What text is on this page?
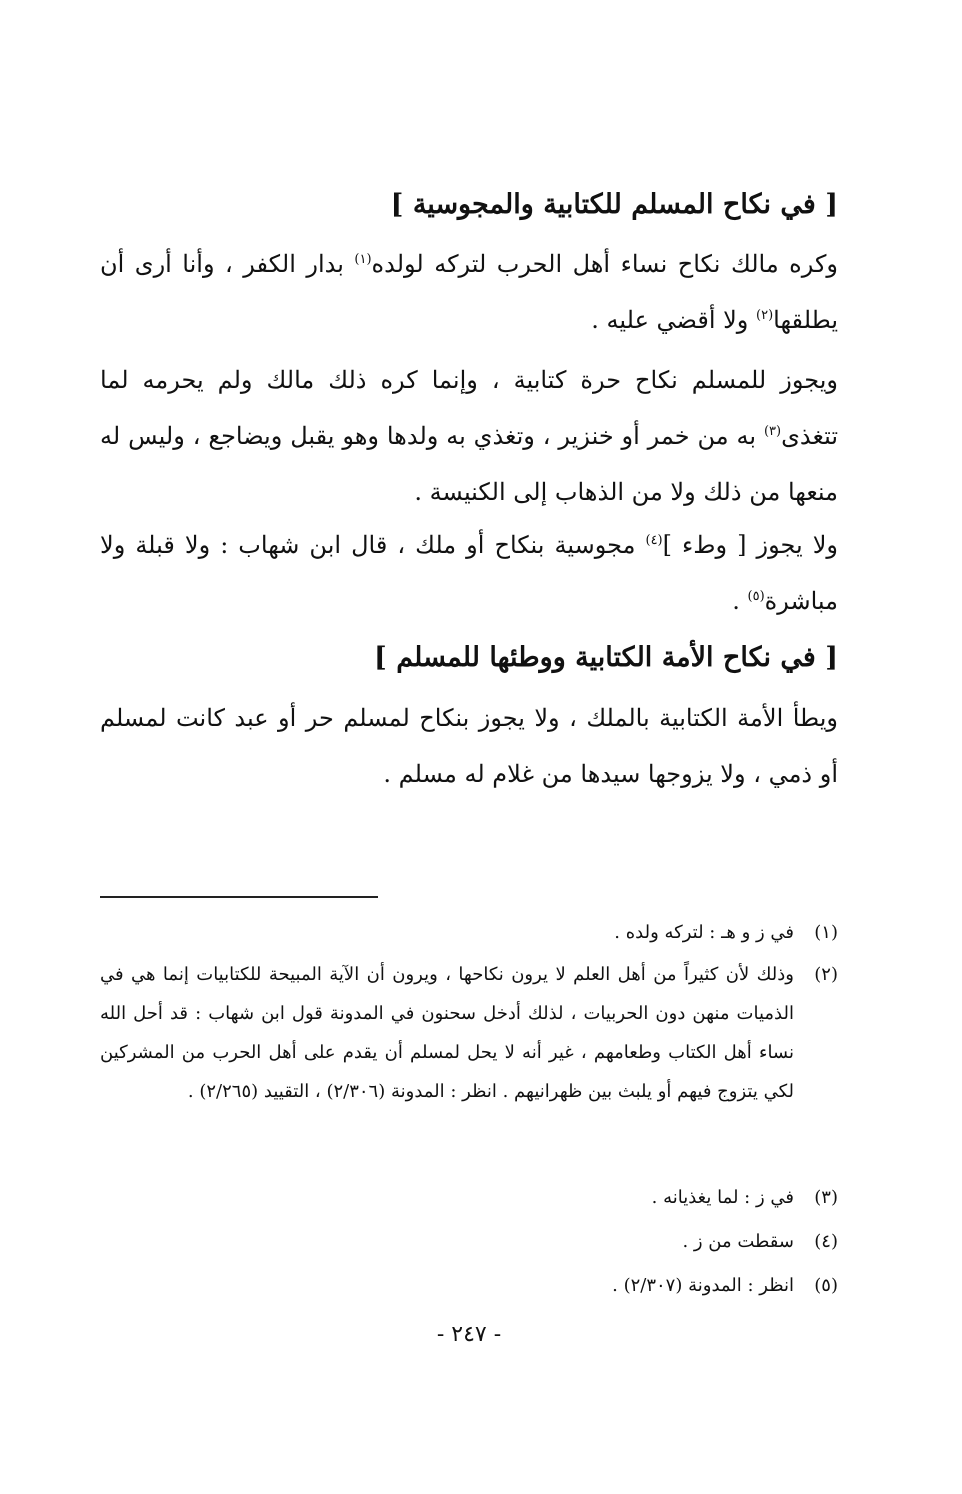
[ في نكاح المسلم للكتابية والمجوسية ]
وكره مالك نكاح نساء أهل الحرب لتركه لولده$^{(١)}$ بدار الكفر ، وأنا أرى أن يطلقها$^{(٢)}$ ولا أقضي عليه .
ويجوز للمسلم نكاح حرة كتابية ، وإنما كره ذلك مالك ولم يحرمه لما تتغذى$^{(٣)}$ به من خمر أو خنزير ، وتغذي به ولدها وهو يقبل ويضاجع ، وليس له منعها من ذلك ولا من الذهاب إلى الكنيسة .
ولا يجوز [ وطء ]$^{(٤)}$ مجوسية بنكاح أو ملك ، قال ابن شهاب : ولا قبلة ولا مباشرة$^{(٥)}$ .
[ في نكاح الأمة الكتابية ووطئها للمسلم ]
ويطأ الأمة الكتابية بالملك ، ولا يجوز بنكاح لمسلم حر أو عبد كانت لمسلم أو ذمي ، ولا يزوجها سيدها من غلام له مسلم .
(١)
في ز و هـ : لتركه ولده .
(٢)
وذلك لأن كثيراً من أهل العلم لا يرون نكاحها ، ويرون أن الآية المبيحة للكتابيات إنما هي في الذميات منهن دون الحربيات ، لذلك أدخل سحنون في المدونة قول ابن شهاب : قد أحل الله نساء أهل الكتاب وطعامهم ، غير أنه لا يحل لمسلم أن يقدم على أهل الحرب من المشركين لكي يتزوج فيهم أو يلبث بين ظهرانيهم . انظر : المدونة (٢/٣٠٦) ، التقييد (٢/٢٦٥) .
(٣)
في ز : لما يغذيانه .
(٤)
سقطت من ز .
(٥)
انظر : المدونة (٢/٣٠٧) .
- ٢٤٧ -
